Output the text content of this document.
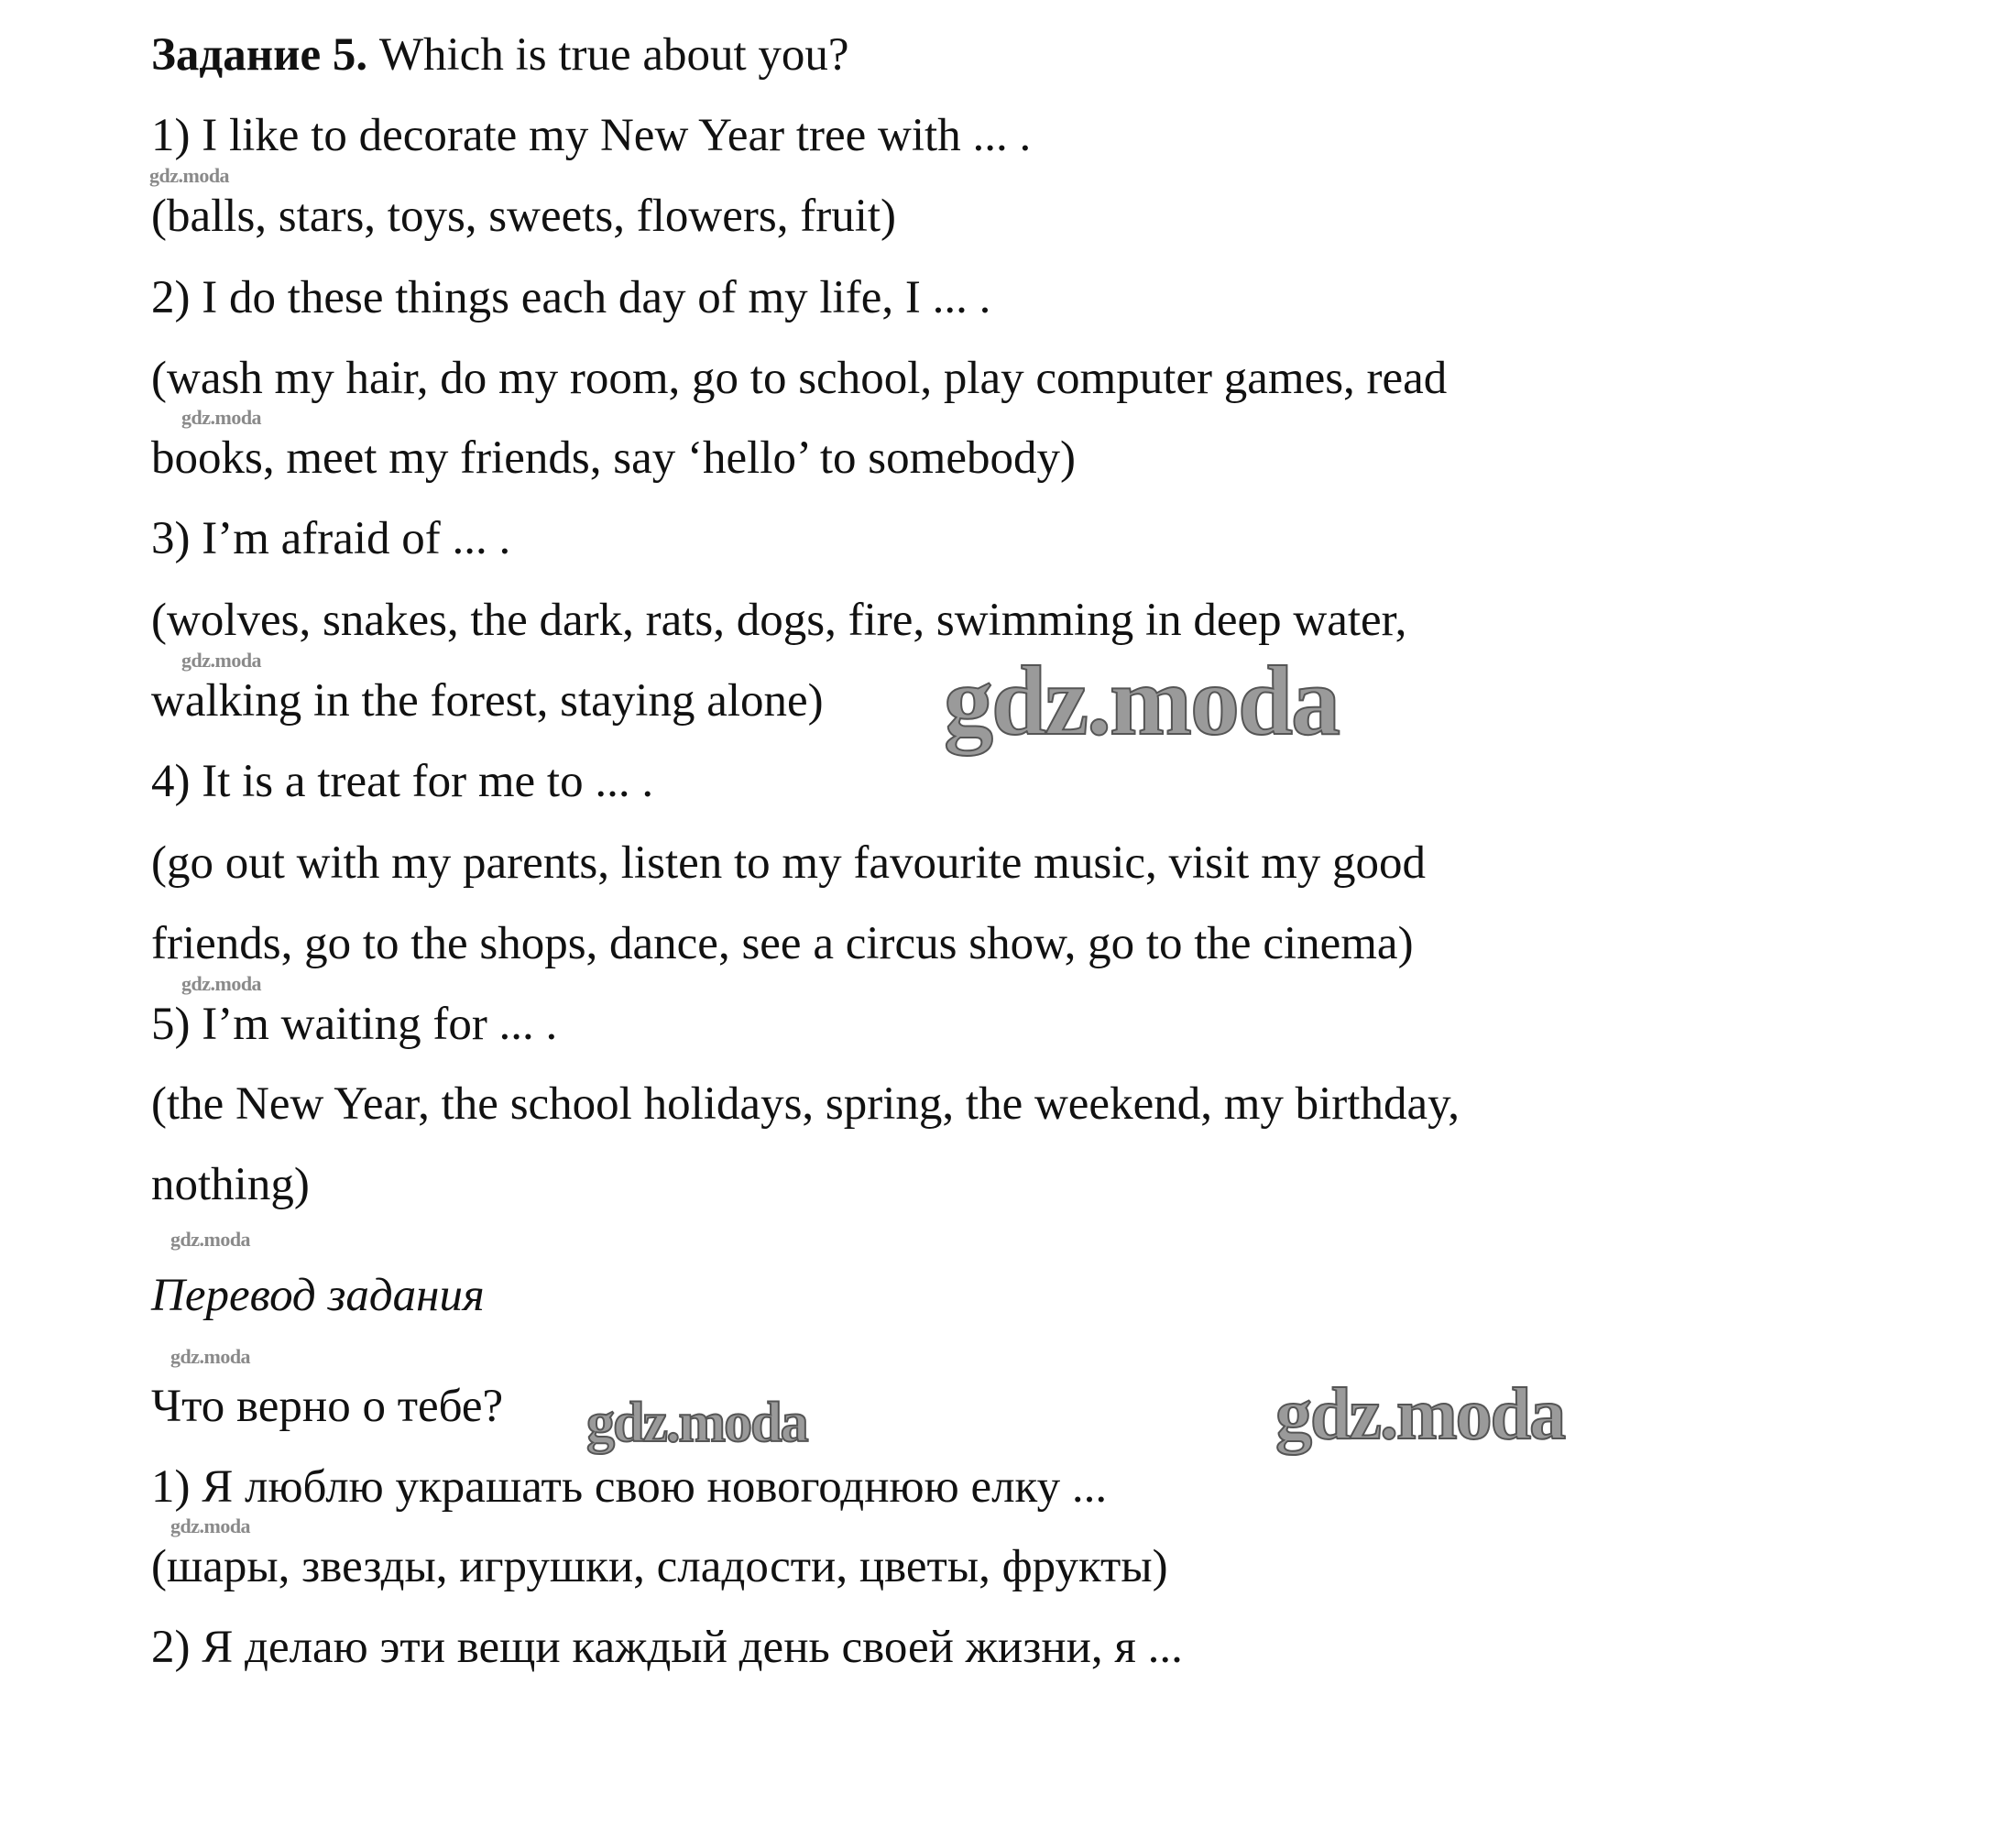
Задание 5. Which is true about you?
1) I like to decorate my New Year tree with ... .
(balls, stars, toys, sweets, flowers, fruit)
2) I do these things each day of my life, I ... .
(wash my hair, do my room, go to school, play computer games, read
books, meet my friends, say ‘hello’ to somebody)
3) I’m afraid of ... .
(wolves, snakes, the dark, rats, dogs, fire, swimming in deep water,
walking in the forest, staying alone)
4) It is a treat for me to ... .
(go out with my parents, listen to my favourite music, visit my good
friends, go to the shops, dance, see a circus show, go to the cinema)
5) I’m waiting for ... .
(the New Year, the school holidays, spring, the weekend, my birthday,
nothing)
Перевод задания
Что верно о тебе?
1) Я люблю украшать свою новогоднюю елку ...
(шары, звезды, игрушки, сладости, цветы, фрукты)
2) Я делаю эти вещи каждый день своей жизни, я ...
gdz.moda
gdz.moda
gdz.moda
gdz.moda
gdz.moda
gdz.moda
gdz.moda
gdz.moda
gdz.moda	gdz.moda
